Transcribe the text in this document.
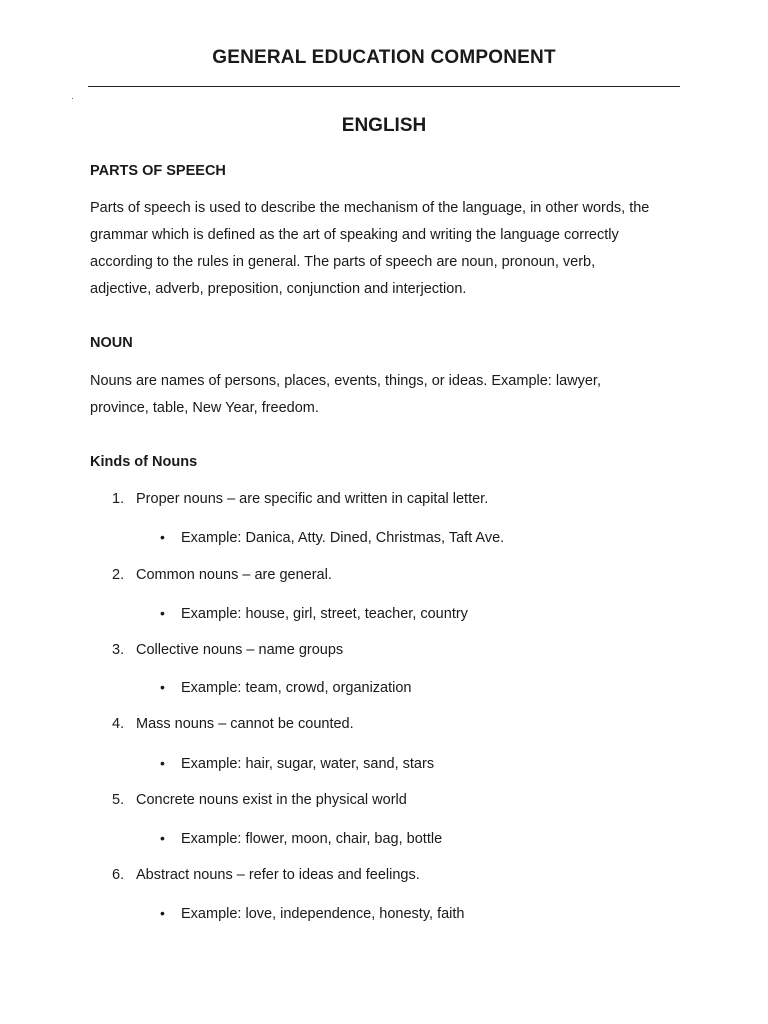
GENERAL EDUCATION COMPONENT
ENGLISH
PARTS OF SPEECH
Parts of speech is used to describe the mechanism of the language, in other words, the
grammar which is defined as the art of speaking and writing the language correctly
according to the rules in general. The parts of speech are noun, pronoun, verb,
adjective, adverb, preposition, conjunction and interjection.
NOUN
Nouns are names of persons, places, events, things, or ideas. Example: lawyer,
province, table, New Year, freedom.
Kinds of Nouns
1. Proper nouns – are specific and written in capital letter.
• Example: Danica, Atty. Dined, Christmas, Taft Ave.
2. Common nouns – are general.
• Example: house, girl, street, teacher, country
3. Collective nouns – name groups
• Example: team, crowd, organization
4. Mass nouns – cannot be counted.
• Example: hair, sugar, water, sand, stars
5. Concrete nouns exist in the physical world
• Example: flower, moon, chair, bag, bottle
6. Abstract nouns – refer to ideas and feelings.
• Example: love, independence, honesty, faith
